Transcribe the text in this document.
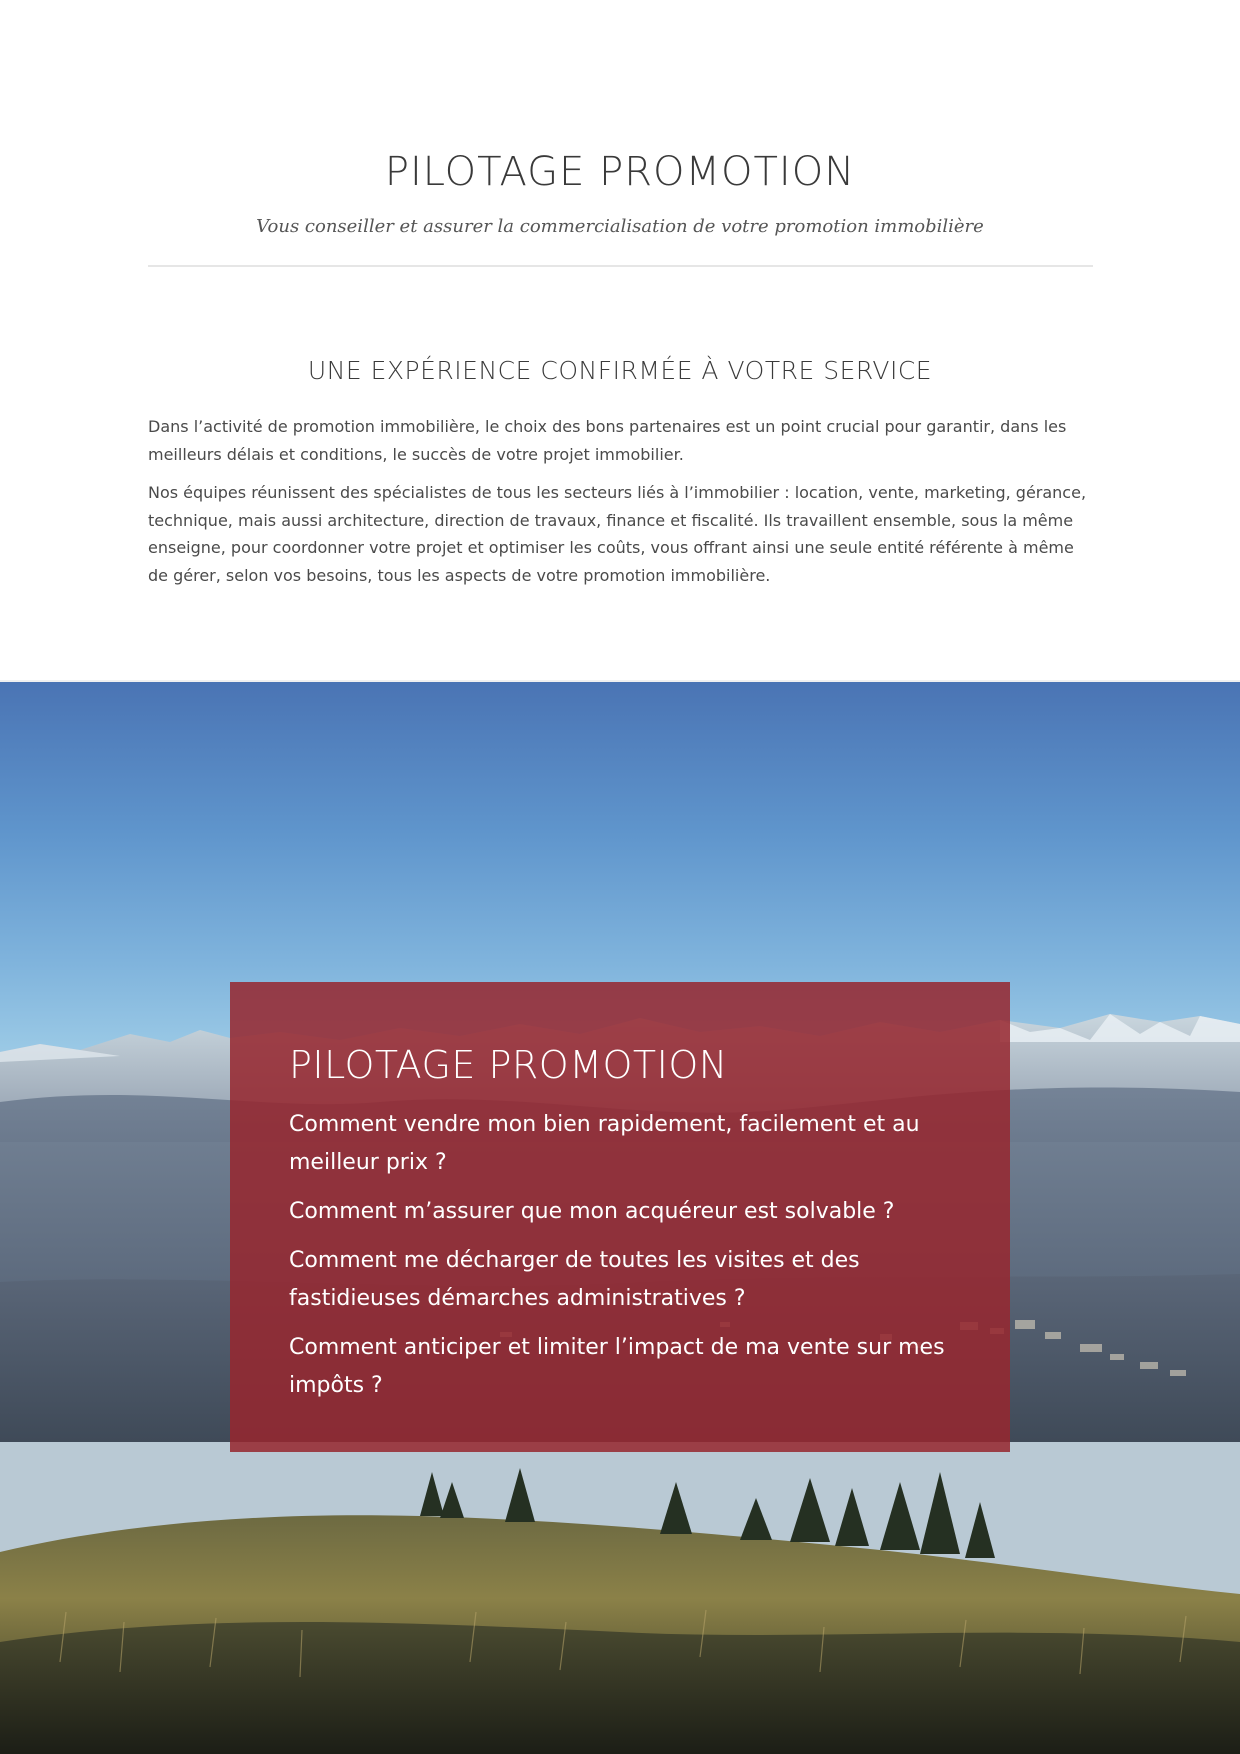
PILOTAGE PROMOTION
Vous conseiller et assurer la commercialisation de votre promotion immobilière
UNE EXPÉRIENCE CONFIRMÉE À VOTRE SERVICE

Dans l’activité de promotion immobilière, le choix des bons partenaires est un point crucial pour garantir, dans les meilleurs délais et conditions, le succès de votre projet immobilier.

Nos équipes réunissent des spécialistes de tous les secteurs liés à l’immobilier : location, vente, marketing, gérance, technique, mais aussi architecture, direction de travaux, finance et fiscalité. Ils travaillent ensemble, sous la même enseigne, pour coordonner votre projet et optimiser les coûts, vous offrant ainsi une seule entité référente à même de gérer, selon vos besoins, tous les aspects de votre promotion immobilière.

PILOTAGE PROMOTION

Comment vendre mon bien rapidement, facilement et au meilleur prix ?

Comment m’assurer que mon acquéreur est solvable ?

Comment me décharger de toutes les visites et des fastidieuses démarches administratives ?

Comment anticiper et limiter l’impact de ma vente sur mes impôts ?
